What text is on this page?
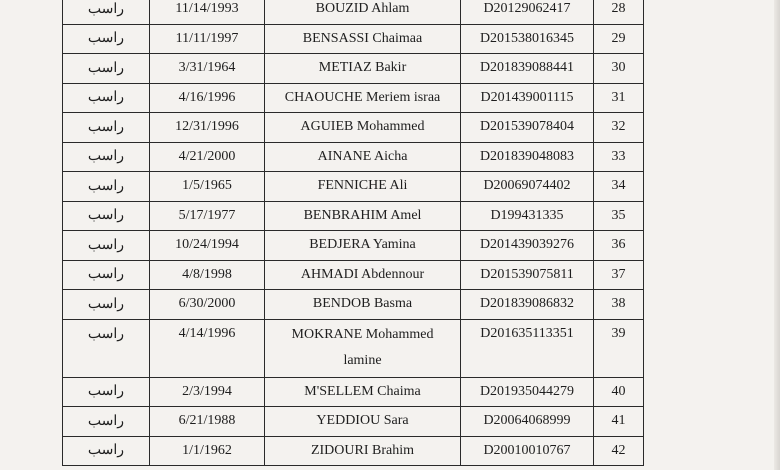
راسب	11/14/1993	BOUZID Ahlam	D20129062417	28
راسب	11/11/1997	BENSASSI Chaimaa	D201538016345	29
راسب	3/31/1964	METIAZ Bakir	D201839088441	30
راسب	4/16/1996	CHAOUCHE Meriem israa	D201439001115	31
راسب	12/31/1996	AGUIEB Mohammed	D201539078404	32
راسب	4/21/2000	AINANE Aicha	D201839048083	33
راسب	1/5/1965	FENNICHE Ali	D20069074402	34
راسب	5/17/1977	BENBRAHIM Amel	D199431335	35
راسب	10/24/1994	BEDJERA Yamina	D201439039276	36
راسب	4/8/1998	AHMADI Abdennour	D201539075811	37
راسب	6/30/2000	BENDOB Basma	D201839086832	38
راسب	4/14/1996	MOKRANE Mohammed lamine	D201635113351	39
راسب	2/3/1994	M'SELLEM Chaima	D201935044279	40
راسب	6/21/1988	YEDDIOU Sara	D20064068999	41
راسب	1/1/1962	ZIDOURI Brahim	D20010010767	42
